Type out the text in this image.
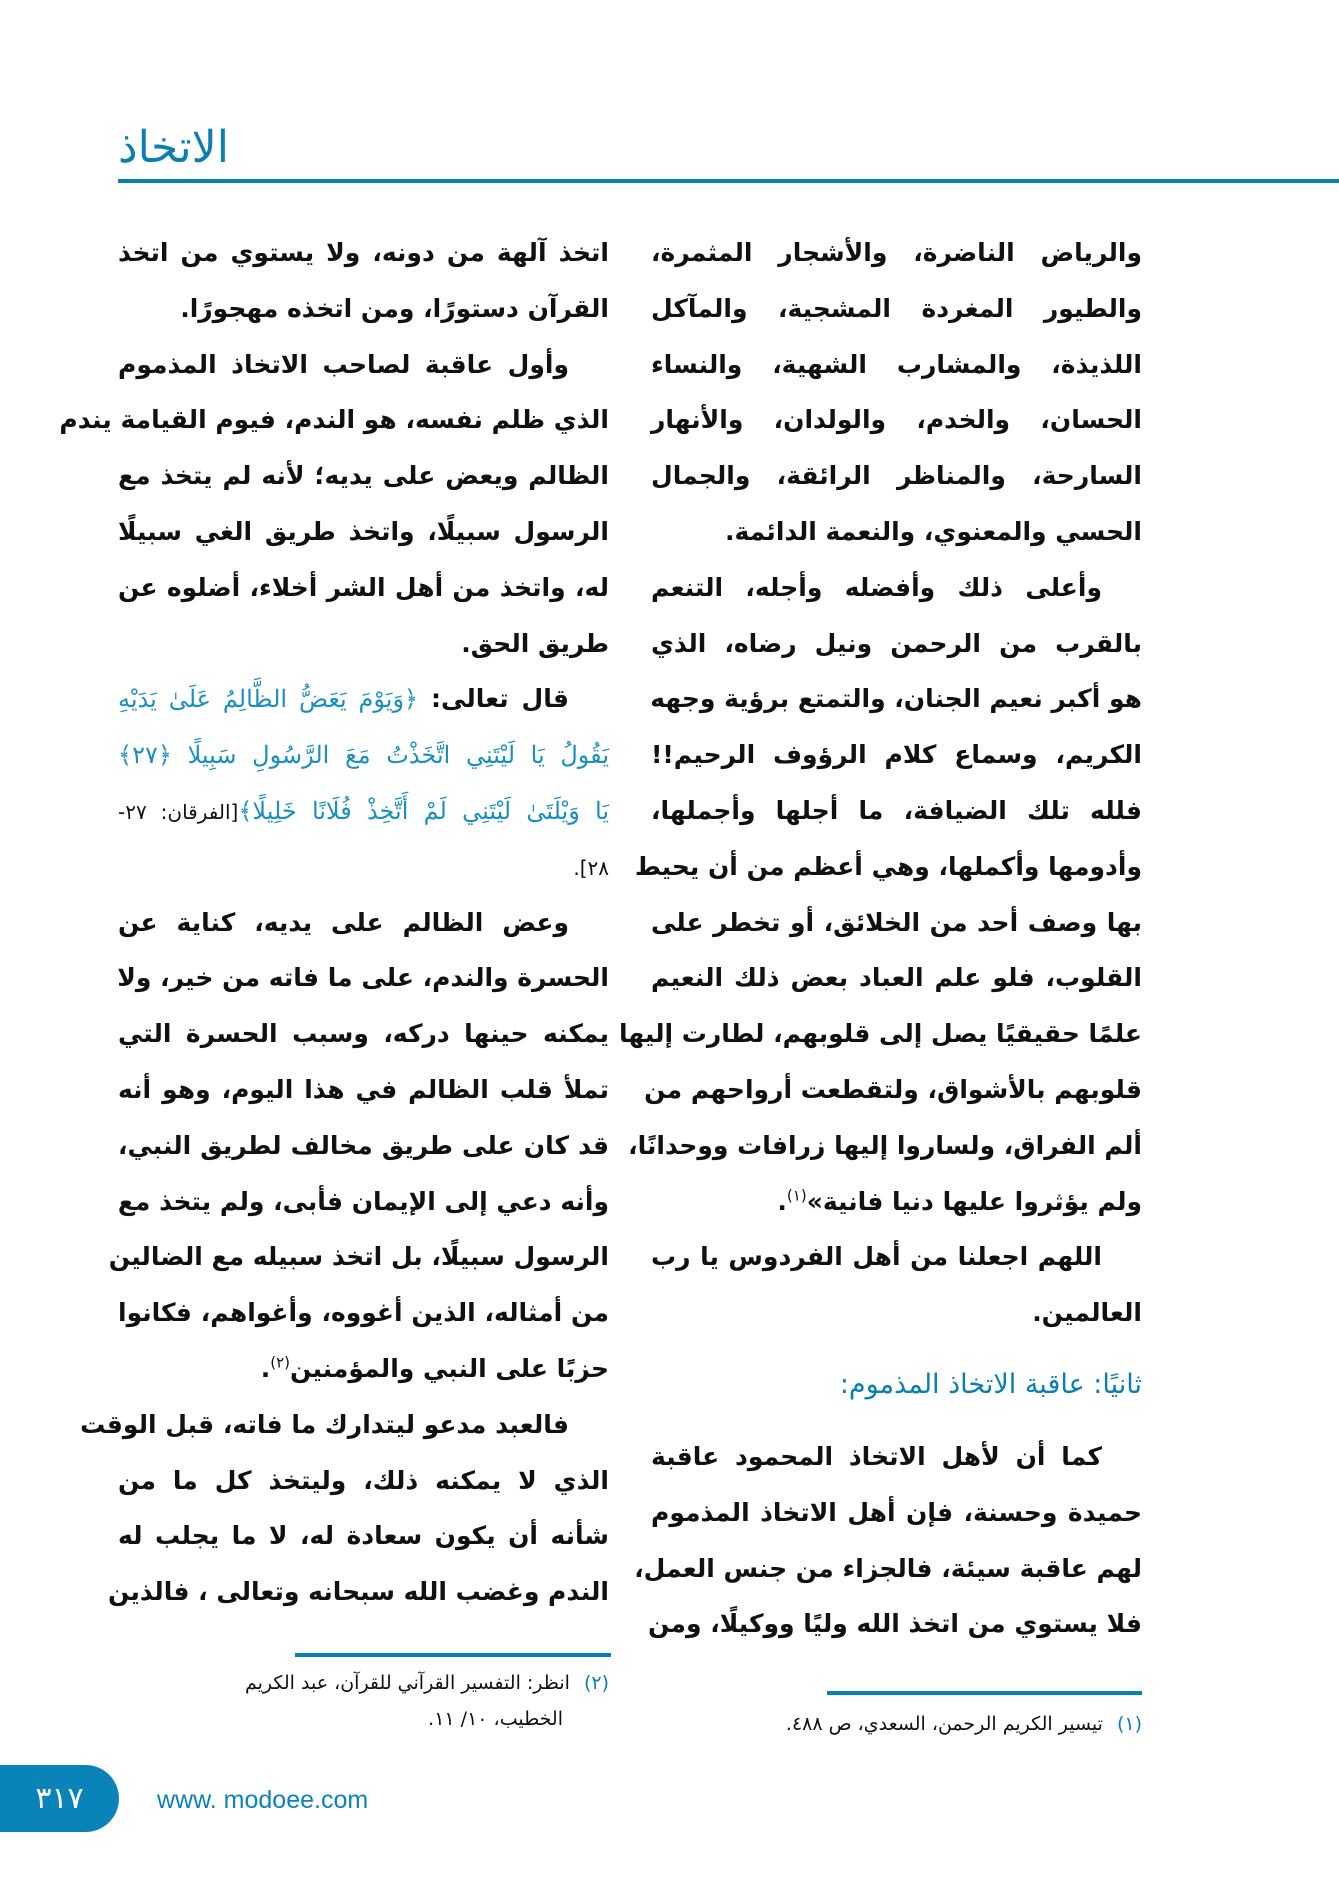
الاتخاذ
والرياض الناضرة، والأشجار المثمرة،
والطيور المغردة المشجية، والمآكل
اللذيذة، والمشارب الشهية، والنساء
الحسان، والخدم، والولدان، والأنهار
السارحة، والمناظر الرائقة، والجمال
الحسي والمعنوي، والنعمة الدائمة.
وأعلى ذلك وأفضله وأجله، التنعم
بالقرب من الرحمن ونيل رضاه، الذي
هو أكبر نعيم الجنان، والتمتع برؤية وجهه
الكريم، وسماع كلام الرؤوف الرحيم!!
فلله تلك الضيافة، ما أجلها وأجملها،
وأدومها وأكملها، وهي أعظم من أن يحيط
بها وصف أحد من الخلائق، أو تخطر على
القلوب، فلو علم العباد بعض ذلك النعيم
علمًا حقيقيًا يصل إلى قلوبهم، لطارت إليها
قلوبهم بالأشواق، ولتقطعت أرواحهم من
ألم الفراق، ولساروا إليها زرافات ووحدانًا،
ولم يؤثروا عليها دنيا فانية»$^{(١)}$.
اللهم اجعلنا من أهل الفردوس يا رب
العالمين.
ثانيًا: عاقبة الاتخاذ المذموم:
كما أن لأهل الاتخاذ المحمود عاقبة
حميدة وحسنة، فإن أهل الاتخاذ المذموم
لهم عاقبة سيئة، فالجزاء من جنس العمل،
فلا يستوي من اتخذ الله وليًا ووكيلًا، ومن
اتخذ آلهة من دونه، ولا يستوي من اتخذ
القرآن دستورًا، ومن اتخذه مهجورًا.
وأول عاقبة لصاحب الاتخاذ المذموم
الذي ظلم نفسه، هو الندم، فيوم القيامة يندم
الظالم ويعض على يديه؛ لأنه لم يتخذ مع
الرسول سبيلًا، واتخذ طريق الغي سبيلًا
له، واتخذ من أهل الشر أخلاء، أضلوه عن
طريق الحق.
قال تعالى: ﴿وَيَوْمَ يَعَضُّ الظَّالِمُ عَلَىٰ يَدَيْهِ
يَقُولُ يَا لَيْتَنِي اتَّخَذْتُ مَعَ الرَّسُولِ سَبِيلًا ﴿٢٧﴾
يَا وَيْلَتَىٰ لَيْتَنِي لَمْ أَتَّخِذْ فُلَانًا خَلِيلًا﴾[الفرقان: ٢٧-
٢٨].
وعض الظالم على يديه، كناية عن
الحسرة والندم، على ما فاته من خير، ولا
يمكنه حينها دركه، وسبب الحسرة التي
تملأ قلب الظالم في هذا اليوم، وهو أنه
قد كان على طريق مخالف لطريق النبي،
وأنه دعي إلى الإيمان فأبى، ولم يتخذ مع
الرسول سبيلًا، بل اتخذ سبيله مع الضالين
من أمثاله، الذين أغووه، وأغواهم، فكانوا
حزبًا على النبي والمؤمنين$^{(٢)}$.
فالعبد مدعو ليتدارك ما فاته، قبل الوقت
الذي لا يمكنه ذلك، وليتخذ كل ما من
شأنه أن يكون سعادة له، لا ما يجلب له
الندم وغضب الله سبحانه وتعالى ، فالذين
(٢)انظر: التفسير القرآني للقرآن، عبد الكريم
الخطيب، ١٠/ ١١.	(١)تيسير الكريم الرحمن، السعدي، ص ٤٨٨.
٣١٧	www. modoee.com
